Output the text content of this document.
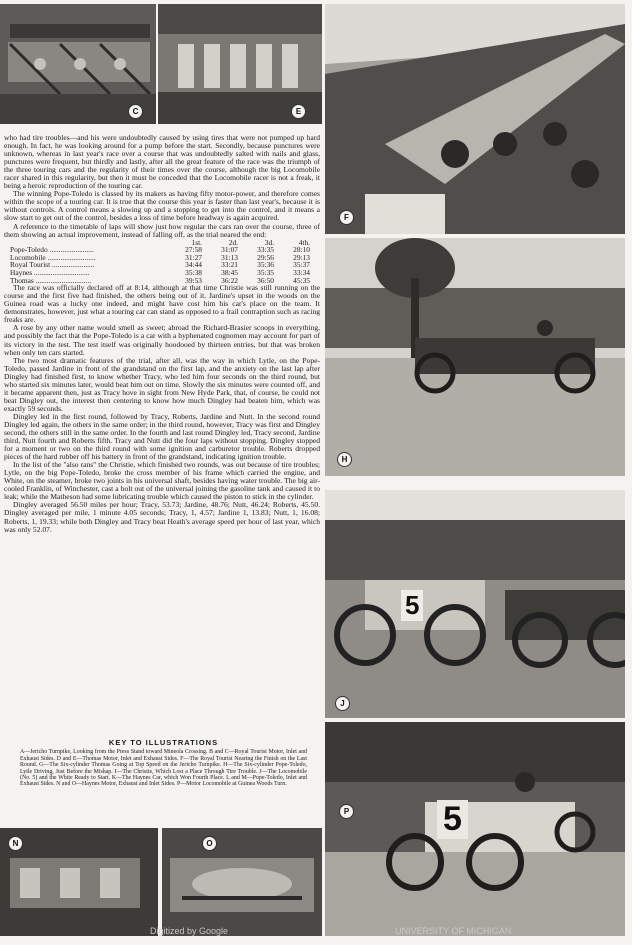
C	E
F
H
5
J
5
P
N	O

who had tire troubles—and his were undoubtedly caused by using tires that were not pumped up hard enough. In fact, he was looking around for a pump before the start. Secondly, because punctures were unknown, whereas in last year's race over a course that was undoubtedly salted with nails and glass, punctures were frequent, but thirdly and lastly, after all the great feature of the race was the triumph of the three touring cars and the regularity of their times over the course, although the big Locomobile racer shared in this regularity, but then it must be conceded that the Locomobile racer is not a freak, it being a heroic reproduction of the touring car.

The winning Pope-Toledo is classed by its makers as having fifty motor-power, and therefore comes within the scope of a touring car. It is true that the course this year is faster than last year's, because it is without controls. A control means a slowing up and a stopping to get into the control, and it means a slow start to get out of the control, besides a loss of time before headway is again acquired.

A reference to the timetable of laps will show just how regular the cars ran over the course, three of them showing an actual improvement, instead of falling off, as the trial neared the end:

	1st.	2d.	3d.	4th.
Pope-Toledo ........................	27:58	31:07	33:35	28:10
Locomobile ..........................	31:27	31:13	29:56	29:13
Royal Tourist .......................	34:44	33:21	35:36	35:37
Haynes ..............................	35:38	38:45	35:35	33:34
Thomas ..............................	39:53	36:22	36:50	45:35

The race was officially declared off at 8:14, although at that time Christie was still running on the course and the first five had finished, the others being out of it. Jardine's upset in the woods on the Guinea road was a lucky one indeed, and might have cost him his car's place on the team. It demonstrates, however, just what a touring car can stand as opposed to a frail contraption such as racing freaks are.

A rose by any other name would smell as sweet; abroad the Richard-Brasier scoops in everything, and possibly the fact that the Pope-Toledo is a car with a hyphenated cognomen may account for part of its victory in the test. The test itself was originally hoodooed by thirteen entries, but that was broken when only ten cars started.

The two most dramatic features of the trial, after all, was the way in which Lytle, on the Pope-Toledo, passed Jardine in front of the grandstand on the first lap, and the anxiety on the last lap after Dingley had finished first, to know whether Tracy, who led him four seconds on the third round, but who started six minutes later, would beat him out on time. Slowly the six minutes were counted off, and it became apparent then, just as Tracy hove in sight from New Hyde Park, that, of course, he could not beat Dingley out, the interest then centering to know how much Dingley had beaten him, which was exactly 59 seconds.

Dingley led in the first round, followed by Tracy, Roberts, Jardine and Nutt. In the second round Dingley led again, the others in the same order; in the third round, however, Tracy was first and Dingley second, the others still in the same order. In the fourth and last round Dingley led, Tracy second, Jardine third, Nutt fourth and Roberts fifth. Tracy and Nutt did the four laps without stopping. Dingley stopped for a moment or two on the third round with some ignition and carburetor trouble. Roberts dropped pieces of the hard rubber off his battery in front of the grandstand, indicating ignition trouble.

In the list of the "also rans" the Christie, which finished two rounds, was out because of tire troubles; Lytle, on the big Pope-Toledo, broke the cross member of his frame which carried the engine, and White, on the steamer, broke two joints in his universal shaft, besides having water trouble. The big air-cooled Franklin, of Winchester, cast a bolt out of the universal joining the gasoline tank and caused it to leak; while the Matheson had some lubricating trouble which caused the piston to stick in the cylinder.

Dingley averaged 56.50 miles per hour; Tracy, 53.73; Jardine, 48.76; Nutt, 46.24; Roberts, 45.50. Dingley averaged per mile, 1 minute 4.05 seconds; Tracy, 1, 4.57; Jardine 1, 13.83; Nutt, 1, 16.08; Roberts, 1, 19.33; while both Dingley and Tracy beat Heath's average speed per hour of last year, which was only 52.07.

KEY TO ILLUSTRATIONS
A—Jericho Turnpike, Looking from the Press Stand toward Mineola Crossing. B and C—Royal Tourist Motor, Inlet and Exhaust Sides. D and E—Thomas Motor, Inlet and Exhaust Sides. F—The Royal Tourist Nearing the Finish on the Last Round. G—The Six-cylinder Thomas Going at Top Speed on the Jericho Turnpike. H—The Six-cylinder Pope-Toledo, Lytle Driving, Just Before the Mishap. I—The Christie, Which Lost a Place Through Tire Trouble. J—The Locomobile (No. 5) and the White Ready to Start. K—The Haynes Car, which Won Fourth Place. L and M—Pope-Toledo, Inlet and Exhaust Sides. N and O—Haynes Motor, Exhaust and Inlet Sides. P—Motor Locomobile at Guinea Woods Turn.
Digitized by Google	UNIVERSITY OF MICHIGAN
